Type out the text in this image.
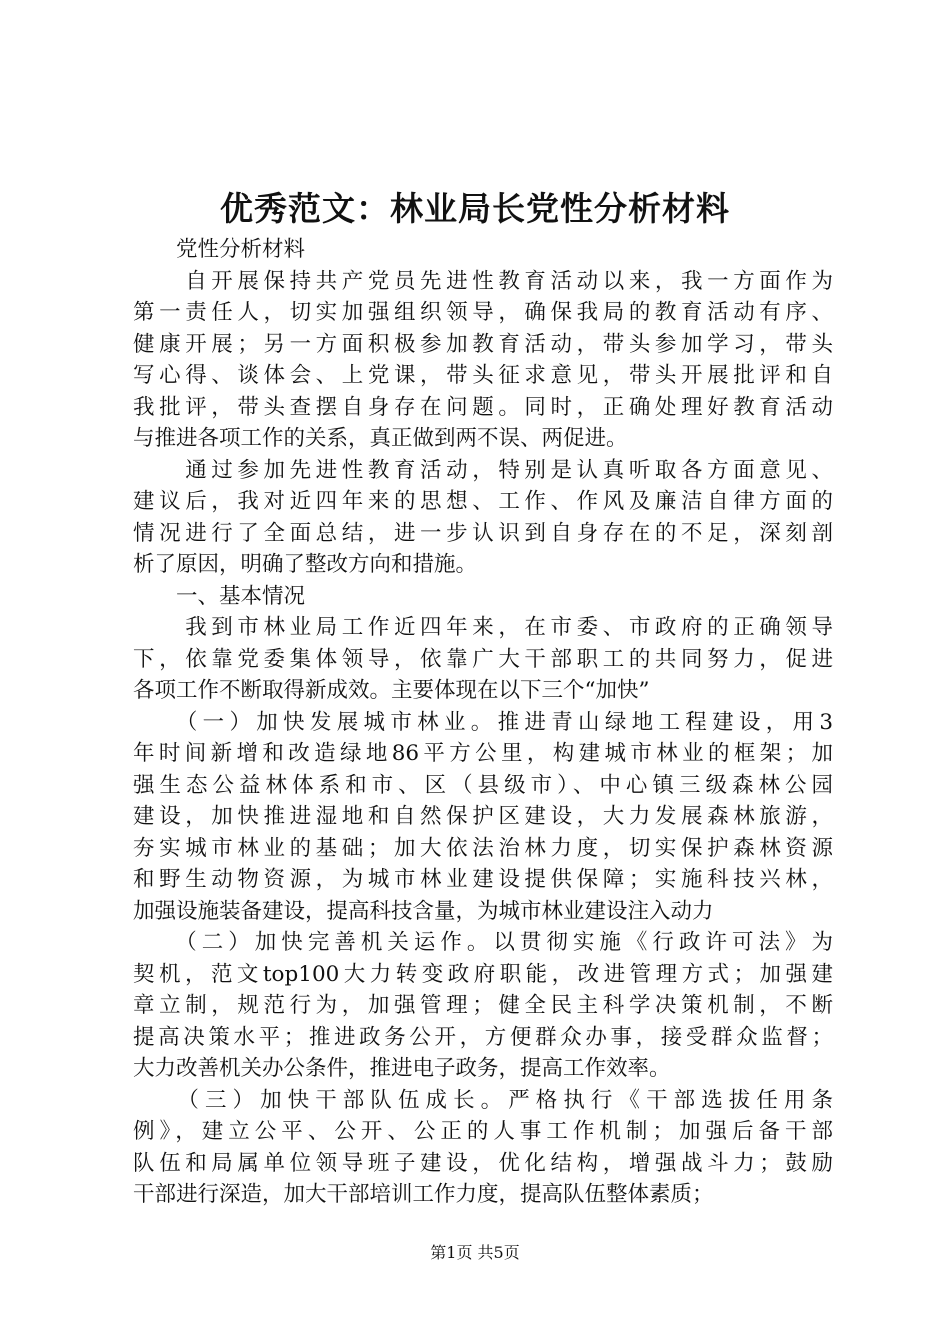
优秀范文：林业局长党性分析材料
　　党性分析材料
　　自开展保持共产党员先进性教育活动以来，我一方面作为
第一责任人，切实加强组织领导，确保我局的教育活动有序、
健康开展；另一方面积极参加教育活动，带头参加学习，带头
写心得、谈体会、上党课，带头征求意见，带头开展批评和自
我批评，带头查摆自身存在问题。同时，正确处理好教育活动
与推进各项工作的关系，真正做到两不误、两促进。
　　通过参加先进性教育活动，特别是认真听取各方面意见、
建议后，我对近四年来的思想、工作、作风及廉洁自律方面的
情况进行了全面总结，进一步认识到自身存在的不足，深刻剖
析了原因，明确了整改方向和措施。
　　一、基本情况
　　我到市林业局工作近四年来，在市委、市政府的正确领导
下，依靠党委集体领导，依靠广大干部职工的共同努力，促进
各项工作不断取得新成效。主要体现在以下三个“加快”
　　（一）加快发展城市林业。推进青山绿地工程建设，用3
年时间新增和改造绿地86平方公里，构建城市林业的框架；加
强生态公益林体系和市、区（县级市）、中心镇三级森林公园
建设，加快推进湿地和自然保护区建设，大力发展森林旅游，
夯实城市林业的基础；加大依法治林力度，切实保护森林资源
和野生动物资源，为城市林业建设提供保障；实施科技兴林，
加强设施装备建设，提高科技含量，为城市林业建设注入动力
　　（二）加快完善机关运作。以贯彻实施《行政许可法》为
契机，范文top100大力转变政府职能，改进管理方式；加强建
章立制，规范行为，加强管理；健全民主科学决策机制，不断
提高决策水平；推进政务公开，方便群众办事，接受群众监督；
大力改善机关办公条件，推进电子政务，提高工作效率。
　　（三）加快干部队伍成长。严格执行《干部选拔任用条
例》，建立公平、公开、公正的人事工作机制；加强后备干部
队伍和局属单位领导班子建设，优化结构，增强战斗力；鼓励
干部进行深造，加大干部培训工作力度，提高队伍整体素质；
第1页 共5页
